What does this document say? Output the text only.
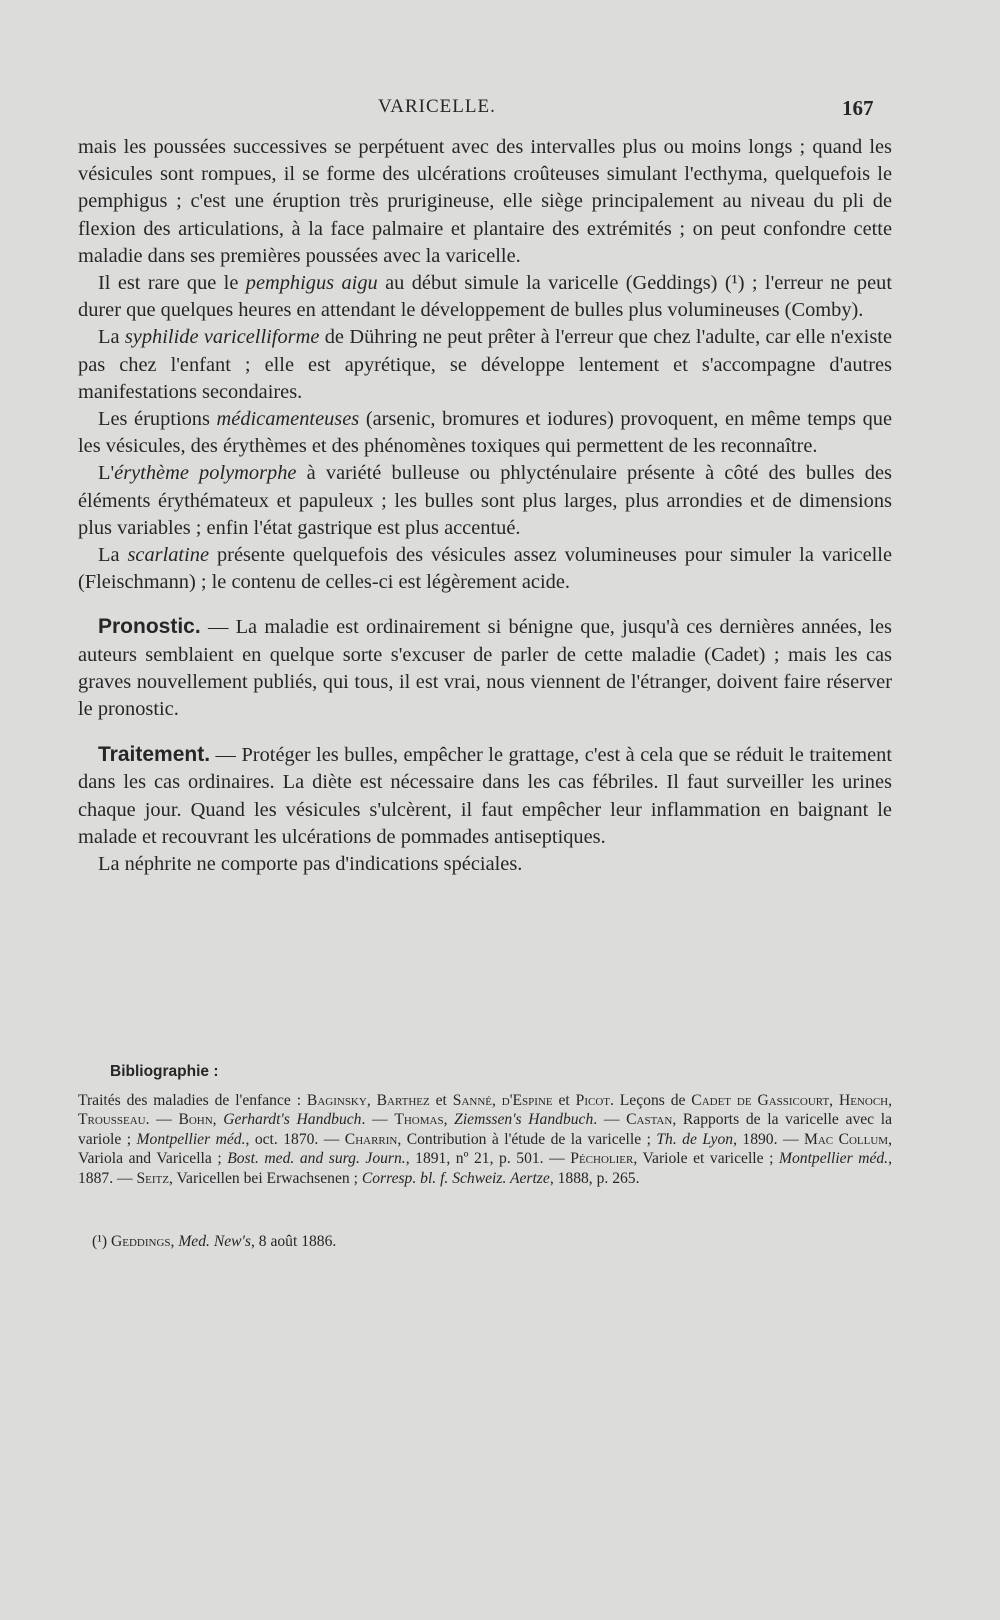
VARICELLE.	167

mais les poussées successives se perpétuent avec des intervalles plus ou moins longs ; quand les vésicules sont rompues, il se forme des ulcérations croûteuses simulant l'ecthyma, quelquefois le pemphigus ; c'est une éruption très prurigineuse, elle siège principalement au niveau du pli de flexion des articulations, à la face palmaire et plantaire des extrémités ; on peut confondre cette maladie dans ses premières poussées avec la varicelle.

Il est rare que le pemphigus aigu au début simule la varicelle (Geddings) (¹) ; l'erreur ne peut durer que quelques heures en attendant le développement de bulles plus volumineuses (Comby).

La syphilide varicelliforme de Dühring ne peut prêter à l'erreur que chez l'adulte, car elle n'existe pas chez l'enfant ; elle est apyrétique, se développe lentement et s'accompagne d'autres manifestations secondaires.

Les éruptions médicamenteuses (arsenic, bromures et iodures) provoquent, en même temps que les vésicules, des érythèmes et des phénomènes toxiques qui permettent de les reconnaître.

L'érythème polymorphe à variété bulleuse ou phlycténulaire présente à côté des bulles des éléments érythémateux et papuleux ; les bulles sont plus larges, plus arrondies et de dimensions plus variables ; enfin l'état gastrique est plus accentué.

La scarlatine présente quelquefois des vésicules assez volumineuses pour simuler la varicelle (Fleischmann) ; le contenu de celles-ci est légèrement acide.

Pronostic. — La maladie est ordinairement si bénigne que, jusqu'à ces dernières années, les auteurs semblaient en quelque sorte s'excuser de parler de cette maladie (Cadet) ; mais les cas graves nouvellement publiés, qui tous, il est vrai, nous viennent de l'étranger, doivent faire réserver le pronostic.

Traitement. — Protéger les bulles, empêcher le grattage, c'est à cela que se réduit le traitement dans les cas ordinaires. La diète est nécessaire dans les cas fébriles. Il faut surveiller les urines chaque jour. Quand les vésicules s'ulcèrent, il faut empêcher leur inflammation en baignant le malade et recouvrant les ulcérations de pommades antiseptiques.

La néphrite ne comporte pas d'indications spéciales.

Bibliographie :

Traités des maladies de l'enfance : Baginsky, Barthez et Sanné, d'Espine et Picot. Leçons de Cadet de Gassicourt, Henoch, Trousseau. — Bohn, Gerhardt's Handbuch. — Thomas, Ziemssen's Handbuch. — Castan, Rapports de la varicelle avec la variole ; Montpellier méd., oct. 1870. — Charrin, Contribution à l'étude de la varicelle ; Th. de Lyon, 1890. — Mac Collum, Variola and Varicella ; Bost. med. and surg. Journ., 1891, nº 21, p. 501. — Pécholier, Variole et varicelle ; Montpellier méd., 1887. — Seitz, Varicellen bei Erwachsenen ; Corresp. bl. f. Schweiz. Aertze, 1888, p. 265.

(¹) Geddings, Med. New's, 8 août 1886.
